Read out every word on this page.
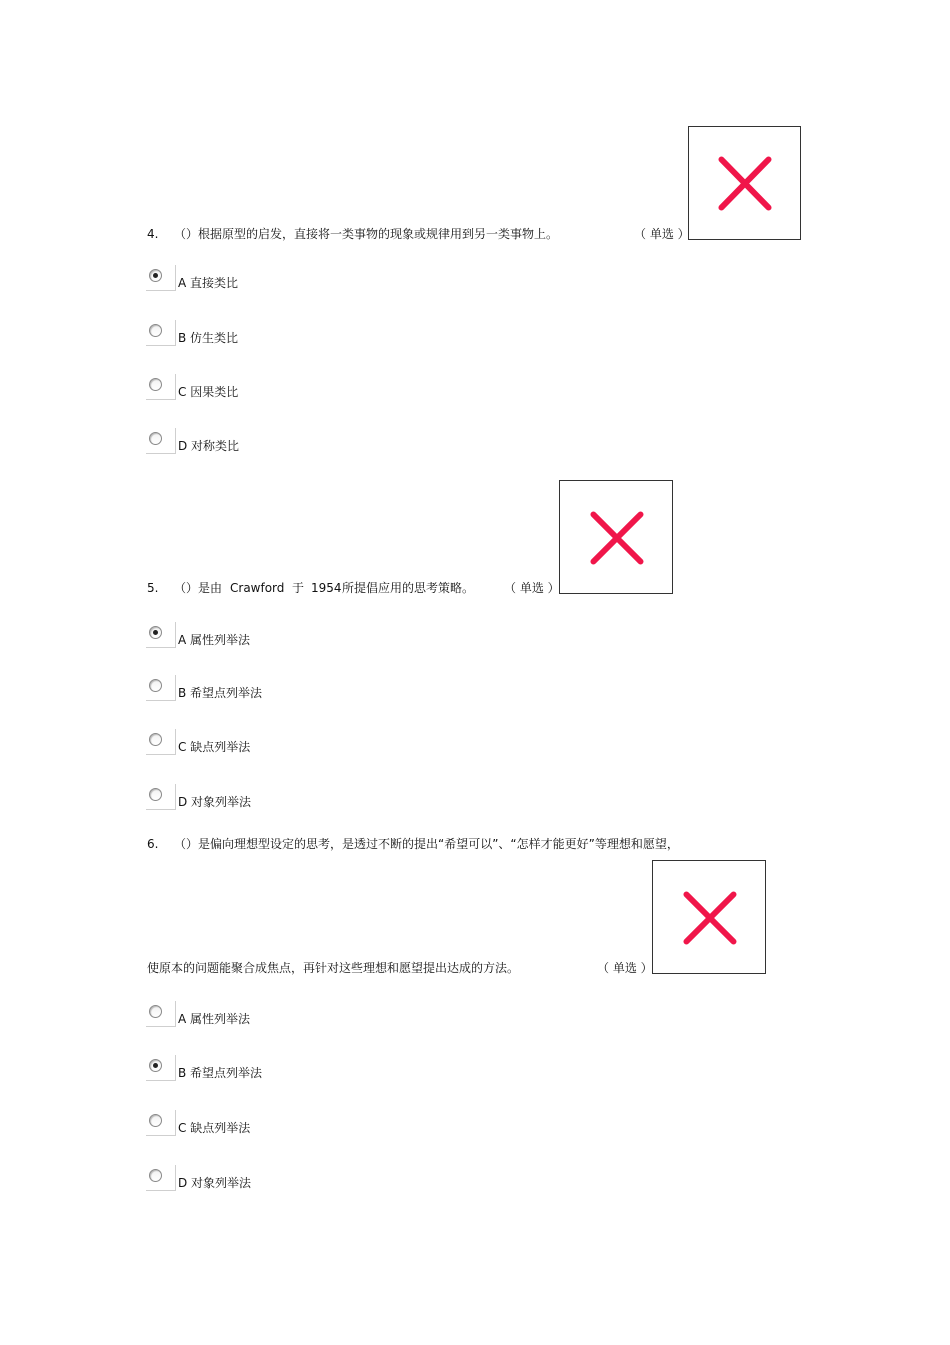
4. （）根据原型的启发，直接将一类事物的现象或规律用到另一类事物上。	（ 单选 ）
A 直接类比
B 仿生类比
C 因果类比
D 对称类比
5. （）是由 Crawford 于 1954 所提倡应用的思考策略。 （ 单选 ）
A 属性列举法
B 希望点列举法
C 缺点列举法
D 对象列举法
6. （）是偏向理想型设定的思考，是透过不断的提出“希望可以”、“怎样才能更好”等理想和愿望，
使原本的问题能聚合成焦点，再针对这些理想和愿望提出达成的方法。	（ 单选 ）
A 属性列举法
B 希望点列举法
C 缺点列举法
D 对象列举法
